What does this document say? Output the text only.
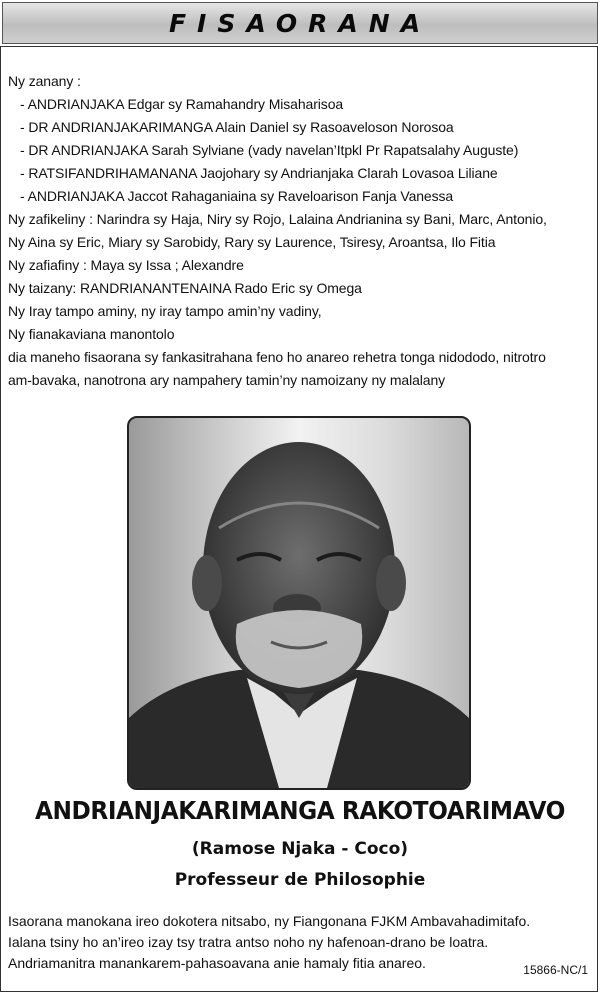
FISAORANA

Ny zanany :

- ANDRIANJAKA Edgar sy Ramahandry Misaharisoa

- DR ANDRIANJAKARIMANGA Alain Daniel sy Rasoaveloson Norosoa

- DR ANDRIANJAKA Sarah Sylviane (vady navelan’Itpkl Pr Rapatsalahy Auguste)

- RATSIFANDRIHAMANANA Jaojohary sy Andrianjaka Clarah Lovasoa Liliane

- ANDRIANJAKA Jaccot Rahaganiaina sy Raveloarison Fanja Vanessa

Ny zafikeliny : Narindra sy Haja, Niry sy Rojo, Lalaina Andrianina sy Bani, Marc, Antonio,

Ny Aina sy Eric, Miary sy Sarobidy, Rary sy Laurence, Tsiresy, Aroantsa, Ilo Fitia

Ny zafiafiny : Maya sy Issa ; Alexandre

Ny taizany: RANDRIANANTENAINA Rado Eric sy Omega

Ny Iray tampo aminy, ny iray tampo amin’ny vadiny,

Ny fianakaviana manontolo

dia maneho fisaorana sy fankasitrahana feno ho anareo rehetra tonga nidododo, nitrotro

am-bavaka, nanotrona ary nampahery tamin’ny namoizany ny malalany

ANDRIANJAKARIMANGA RAKOTOARIMAVO
(Ramose Njaka - Coco)
Professeur de Philosophie

Isaorana manokana ireo dokotera nitsabo, ny Fiangonana FJKM Ambavahadimitafo.

Ialana tsiny ho an’ireo izay tsy tratra antso noho ny hafenoan-drano be loatra.

Andriamanitra manankarem-pahasoavana anie hamaly fitia anareo.	15866-NC/1
